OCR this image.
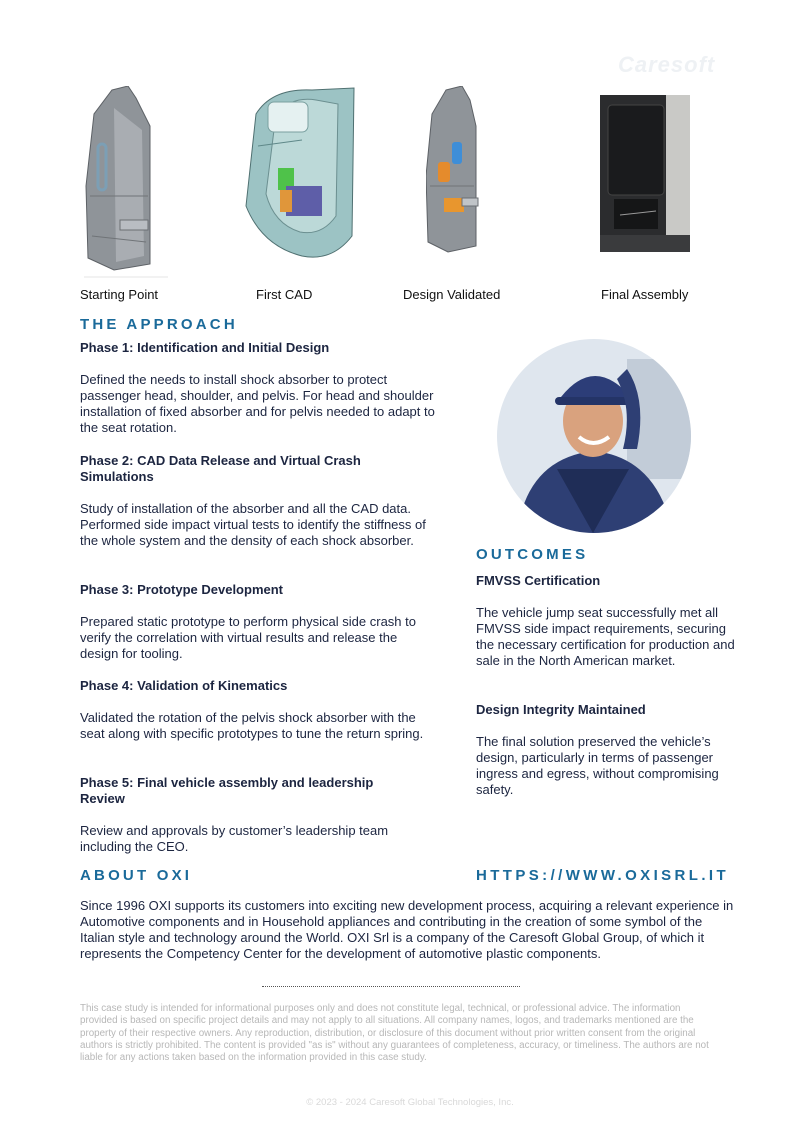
Caresoft
Starting Point	First CAD	Design Validated	Final Assembly
THE APPROACH
Phase 1: Identification and Initial Design
Defined the needs to install shock absorber to protect passenger head, shoulder, and pelvis. For head and shoulder installation of fixed absorber and for pelvis needed to adapt to the seat rotation.
Phase 2: CAD Data Release and Virtual Crash Simulations
Study of installation of the absorber and all the CAD data. Performed side impact virtual tests to identify the stiffness of the whole system and the density of each shock absorber.
Phase 3: Prototype Development
Prepared static prototype to perform physical side crash to verify the correlation with virtual results and release the design for tooling.
Phase 4: Validation of Kinematics
Validated the rotation of the pelvis shock absorber with the seat along with specific prototypes to tune the return spring.
Phase 5: Final vehicle assembly and leadership Review
Review and approvals by customer’s leadership team including the CEO.
OUTCOMES
FMVSS Certification
The vehicle jump seat successfully met all FMVSS side impact requirements, securing the necessary certification for production and sale in the North American market.
Design Integrity Maintained
The final solution preserved the vehicle’s design, particularly in terms of passenger ingress and egress, without compromising safety.
ABOUT OXI	HTTPS://WWW.OXISRL.IT
Since 1996 OXI supports its customers into exciting new development process, acquiring a relevant experience in Automotive components and in Household appliances and contributing in the creation of some symbol of the Italian style and technology around the World. OXI Srl is a company of the Caresoft Global Group, of which it represents the Competency Center for the development of automotive plastic components.
This case study is intended for informational purposes only and does not constitute legal, technical, or professional advice. The information provided is based on specific project details and may not apply to all situations. All company names, logos, and trademarks mentioned are the property of their respective owners. Any reproduction, distribution, or disclosure of this document without prior written consent from the original authors is strictly prohibited. The content is provided "as is" without any guarantees of completeness, accuracy, or timeliness. The authors are not liable for any actions taken based on the information provided in this case study.
© 2023 - 2024 Caresoft Global Technologies, Inc.
